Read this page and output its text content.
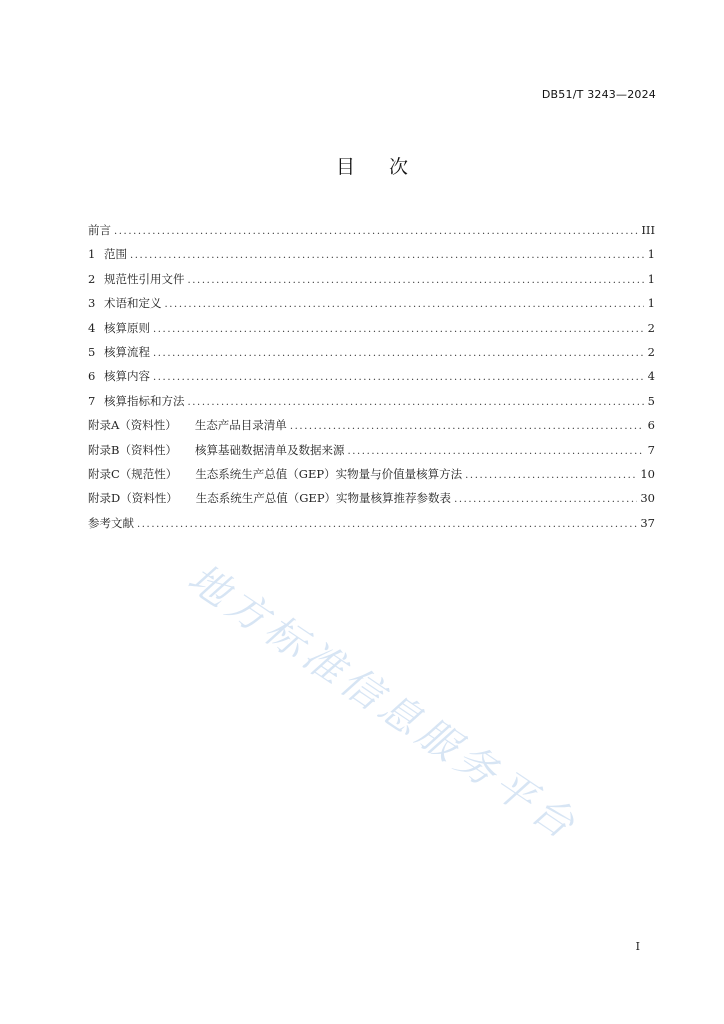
DB51/T 3243—2024
目 次
前言 .....	III
1 范围 .....	1
2 规范性引用文件 .....	1
3 术语和定义 .....	1
4 核算原则 .....	2
5 核算流程 .....	2
6 核算内容 .....	4
7 核算指标和方法 .....	5
附录A（资料性） 生态产品目录清单 .....	6
附录B（资料性） 核算基础数据清单及数据来源 .....	7
附录C（规范性） 生态系统生产总值（GEP）实物量与价值量核算方法 .....	10
附录D（资料性） 生态系统生产总值（GEP）实物量核算推荐参数表 .....	30
参考文献 .....	37
地方标准信息服务平台
I
